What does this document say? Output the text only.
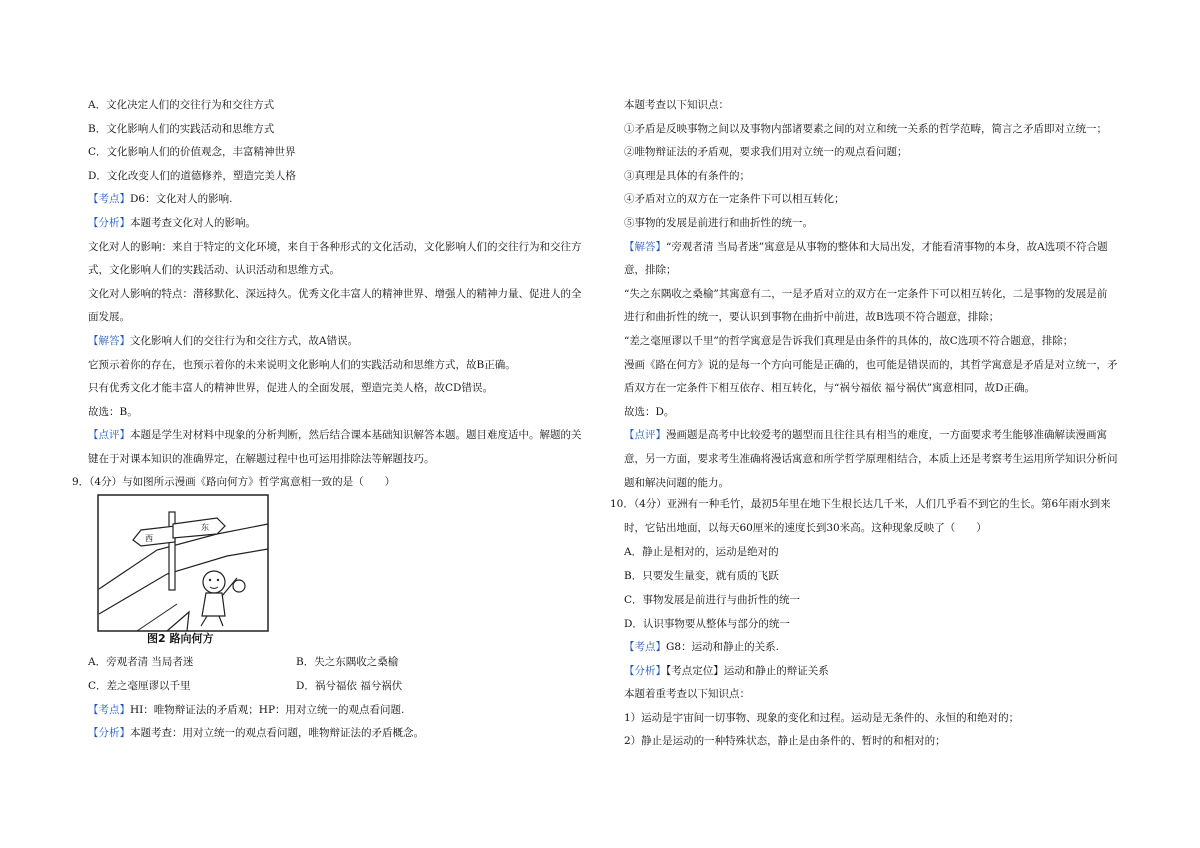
A．文化决定人们的交往行为和交往方式
B．文化影响人们的实践活动和思维方式
C．文化影响人们的价值观念，丰富精神世界
D．文化改变人们的道德修养，塑造完美人格
【考点】D6：文化对人的影响.
【分析】本题考查文化对人的影响。
文化对人的影响：来自于特定的文化环境，来自于各种形式的文化活动，文化影响人们的交往行为和交往方
式，文化影响人们的实践活动、认识活动和思维方式。
文化对人影响的特点：潜移默化、深远持久。优秀文化丰富人的精神世界、增强人的精神力量、促进人的全
面发展。
【解答】文化影响人们的交往行为和交往方式，故A错误。
它预示着你的存在，也预示着你的未来说明文化影响人们的实践活动和思维方式，故B正确。
只有优秀文化才能丰富人的精神世界，促进人的全面发展，塑造完美人格，故CD错误。
故选：B。
【点评】本题是学生对材料中现象的分析判断，然后结合课本基础知识解答本题。题目难度适中。解题的关
键在于对课本知识的准确界定，在解题过程中也可运用排除法等解题技巧。
9．（4分）与如图所示漫画《路向何方》哲学寓意相一致的是（　　）
西
东
图2 路向何方
A．旁观者清 当局者迷	B．失之东隅收之桑榆
C．差之毫厘谬以千里	D．祸兮福依 福兮祸伏
【考点】HI：唯物辩证法的矛盾观；HP：用对立统一的观点看问题.
【分析】本题考查：用对立统一的观点看问题，唯物辩证法的矛盾概念。
本题考查以下知识点：
①矛盾是反映事物之间以及事物内部诸要素之间的对立和统一关系的哲学范畴，简言之矛盾即对立统一；
②唯物辩证法的矛盾观，要求我们用对立统一的观点看问题；
③真理是具体的有条件的；
④矛盾对立的双方在一定条件下可以相互转化；
⑤事物的发展是前进行和曲折性的统一。
【解答】“旁观者清 当局者迷”寓意是从事物的整体和大局出发，才能看清事物的本身，故A选项不符合题
意，排除；
“失之东隅收之桑榆”其寓意有二，一是矛盾对立的双方在一定条件下可以相互转化，二是事物的发展是前
进行和曲折性的统一，要认识到事物在曲折中前进，故B选项不符合题意，排除；
“差之毫厘谬以千里”的哲学寓意是告诉我们真理是由条件的具体的，故C选项不符合题意，排除；
漫画《路在何方》说的是每一个方向可能是正确的，也可能是错误而的，其哲学寓意是矛盾是对立统一，矛
盾双方在一定条件下相互依存、相互转化，与“祸兮福依 福兮祸伏”寓意相同，故D正确。
故选：D。
【点评】漫画题是高考中比较爱考的题型而且往往具有相当的难度，一方面要求考生能够准确解读漫画寓
意，另一方面，要求考生准确将漫话寓意和所学哲学原理相结合，本质上还是考察考生运用所学知识分析问
题和解决问题的能力。
10．（4分）亚洲有一种毛竹，最初5年里在地下生根长达几千米，人们几乎看不到它的生长。第6年雨水到来
时，它钻出地面，以每天60厘米的速度长到30米高。这种现象反映了（　　）
A．静止是相对的，运动是绝对的
B．只要发生量变，就有质的飞跃
C．事物发展是前进行与曲折性的统一
D．认识事物要从整体与部分的统一
【考点】G8：运动和静止的关系.
【分析】【考点定位】运动和静止的辩证关系
本题着重考查以下知识点：
1）运动是宇宙间一切事物、现象的变化和过程。运动是无条件的、永恒的和绝对的；
2）静止是运动的一种特殊状态，静止是由条件的、暂时的和相对的；
